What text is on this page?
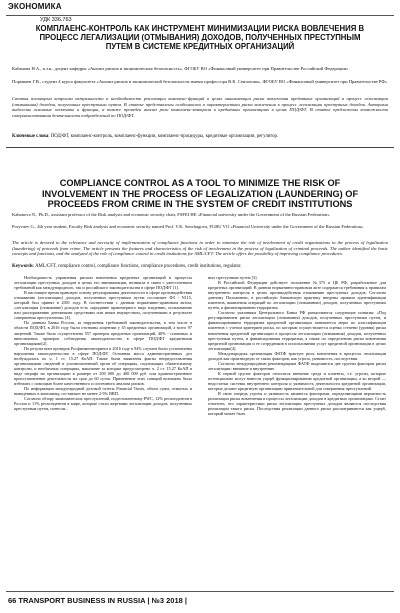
ЭКОНОМИКА
УДК 336.763
КОМПЛАЕНС-КОНТРОЛЬ КАК ИНСТРУМЕНТ МИНИМИЗАЦИИ РИСКА ВОВЛЕЧЕНИЯ В ПРОЦЕСС ЛЕГАЛИЗАЦИИ (ОТМЫВАНИЯ) ДОХОДОВ, ПОЛУЧЕННЫХ ПРЕСТУПНЫМ ПУТЕМ В СИСТЕМЕ КРЕДИТНЫХ ОРГАНИЗАЦИЙ
Кабанова Н.А., к.т.н., доцент кафедры «Анализ рисков и экономическая безопасность», ФГОБУ ВО «Финансовый университет при Правительстве Российской Федерации»
Порываев Г.В., студент 4 курса факультета «Анализ рисков и экономической безопасности имени профессора В.К. Сенчагова», ФГОБУ ВО «Финансовый университет при Правительстве РФ»
Статья посвящена вопросам актуальности и необходимости реализации компаенс-функций и целях минимизации риска вовлечения кредитных организаций в процесс легализации (отмывания) доходов, полученных преступным путем. В статье представлены особенности и характеристики риска вовлечения в процесс легализации преступных доходов. Авторами выделены основные элементы и функции, а также проведен анализ роли комплаенс-контроля в кредитных организациях в целях ПОД/ФТ. В статье предложены возможности совершенствования деятельности подразделений по ПОД/ФТ.
Ключевые слова: ПОД/ФТ, комплаенс-контроль, комплаенс-функции, комплаенс-процедуры, кредитные организации, регулятор.
COMPLIANCE CONTROL AS A TOOL TO MINIMIZE THE RISK OF INVOLVEMENT IN THE PROCESS OF LEGALIZATION (LAUNDERING) OF PROCEEDS FROM CRIME IN THE SYSTEM OF CREDIT INSTITUTIONS
Kabanova N., Ph.D., assistant professor of the Risk analysis and economic security chair, FSFEI HE «Financial university under the Government of the Russian Federation»
Poryvaev G., 4th year student, Faculty Risk analysis and economic security named Prof. V.K. Senchagova, FGBU VO «Financial University under the Government of the Russian Federation»
The article is devoted to the relevance and necessity of implementation of compliance functions in order to minimize the risk of involvement of credit organizations in the process of legalization (laundering) of proceeds from crime. The article presents the features and characteristics of the risk of involvement in the process of legalization of criminal proceeds. The author identified the basic concepts and functions, and the analyzed of the role of compliance control in credit institutions for AML/CFT. The article offers the possibility of improving compliance procedures.
Keywords: AML/CFT, compliance control, compliance functions, compliance procedures, credit institutions, regulator.

Необходимость управления риском вовлечения кредитных организаций в процессы легализации преступных доходов в целях его минимизации, возникла в связи с ужесточением требований как международного, так и российского законодательства в сфере ПОД/ФТ [1].

В настоящее время правовую основу регулирования деятельности в сфере противодействия отмыванию (легализации) доходов, полученных преступным путем составляет ФЗ - N115, который был принят в 2001 году. В соответствии с данным нормативно-правовым актом, «легализация (отмывание) доходов есть «придание правомерного вида владению, пользованию или распоряжению денежными средствами или иным имуществом, полученными в результате совершения преступления» [4].

По данным Банка России, за нарушения требований законодательства, в том числе в области ПОД/ФТ, в 2016 году были отозваны лицензии у 35 кредитных организаций, а всего 97 лицензий. Также было осуществлено 557 проверок кредитных организаций, 40% - плановых и внеплановых проверок соблюдения законодательства в сфере ПОД/ФТ кредитными организациями[2].

По результатам проверок Росфинмониторинга в 2016 году в 94% случаев были установлены нарушения законодательства в сфере ПОД/ФТ. Основная масса административных дел возбуждалась по ч. 1 ст. 15.27 КоАП. Также были выявлены факты непредоставления организациями сведений в уполномоченный орган об операциях, подлежащих обязательному контролю, и необычных операциях, наказание за которые предусмотрено ч. 2 ст. 15.27 КоАП в виде штрафа на организацию в размере от 200 000 до 400 000 руб. или административное приостановление деятельности на срок до 60 суток. Применение этих санкций возможно было избежать с помощью более качественного и системного анализа рисков.

По информации международной деловой газеты Financial Times, объем сумм, отмытых и выведенных в экономику, составляет не менее 2-5% ВВП.

Согласно обзору экономических преступлений, подготовленному PWC, 12% респондентов в России и 11% респондентов в мире, которые стали жертвами легализации доходов, полученных преступным путем, понесли...

ных преступным путем [3].

В Российской Федерации действует положение №375 п ЦБ РФ, разработанное для кредитных организаций. В данном нормативно-правовом акте содержатся требования к правилам внутреннего контроля в целях противодействия отмыванию преступных доходов. Согласно данному Положению, в российскую банковскую практику введены правила идентификации клиентов, выявления операций по легализации (отмыванию) доходов, полученных преступным путем, и финансированию терроризма.

Согласно указаниям Центрального Банка РФ разъясняются следующие понятия: «Под регулированием риска легализации (отмывания) доходов, полученных преступным путем, и финансированием терроризма кредитной организации понимается меры по классификации клиентов с учетом критериев риска, по которым осуществляется оценка степени (уровня) риска вовлечения кредитной организации в процессы легализации (отмывания) доходов, полученных преступным путем, и финансирования терроризма, а также по определению риска вовлечения кредитной организации и ее сотрудников в использовании услуг кредитной организации в целях легализации[4].

Международная организация ФАТФ трактует риск вовлечения в процессы легализации доходов как производную от таких факторов, как угроза, уязвимость, последствия.

Согласно международным рекомендациям ФАТФ выделяются две группы факторов риска легализации: внешние и внутренние.

К первой группе факторов относятся внешние среда и клиенты, т.е. угрозы, которые потенциально могут нанести ущерб функционированию кредитной организации, а ко второй — недостатки системы внутреннего контроля и уязвимость деятельности кредитной организации, которые делают кредитную организацию привлекательной для совершения преступлений.

В свою очередь угрозы и уязвимость являются факторами, определяющими вероятность реализации риска вовлечения в процессы легализации доходов в кредитных организациях. Стоит отметить, что характеристики риска легализации преступных доходов являются последствия реализации такого риска. Последствия реализации данного риска рассматриваются как ущерб, который может быть

66 TRANSPORT BUSINESS IN RUSSIA | №3 2018 |
